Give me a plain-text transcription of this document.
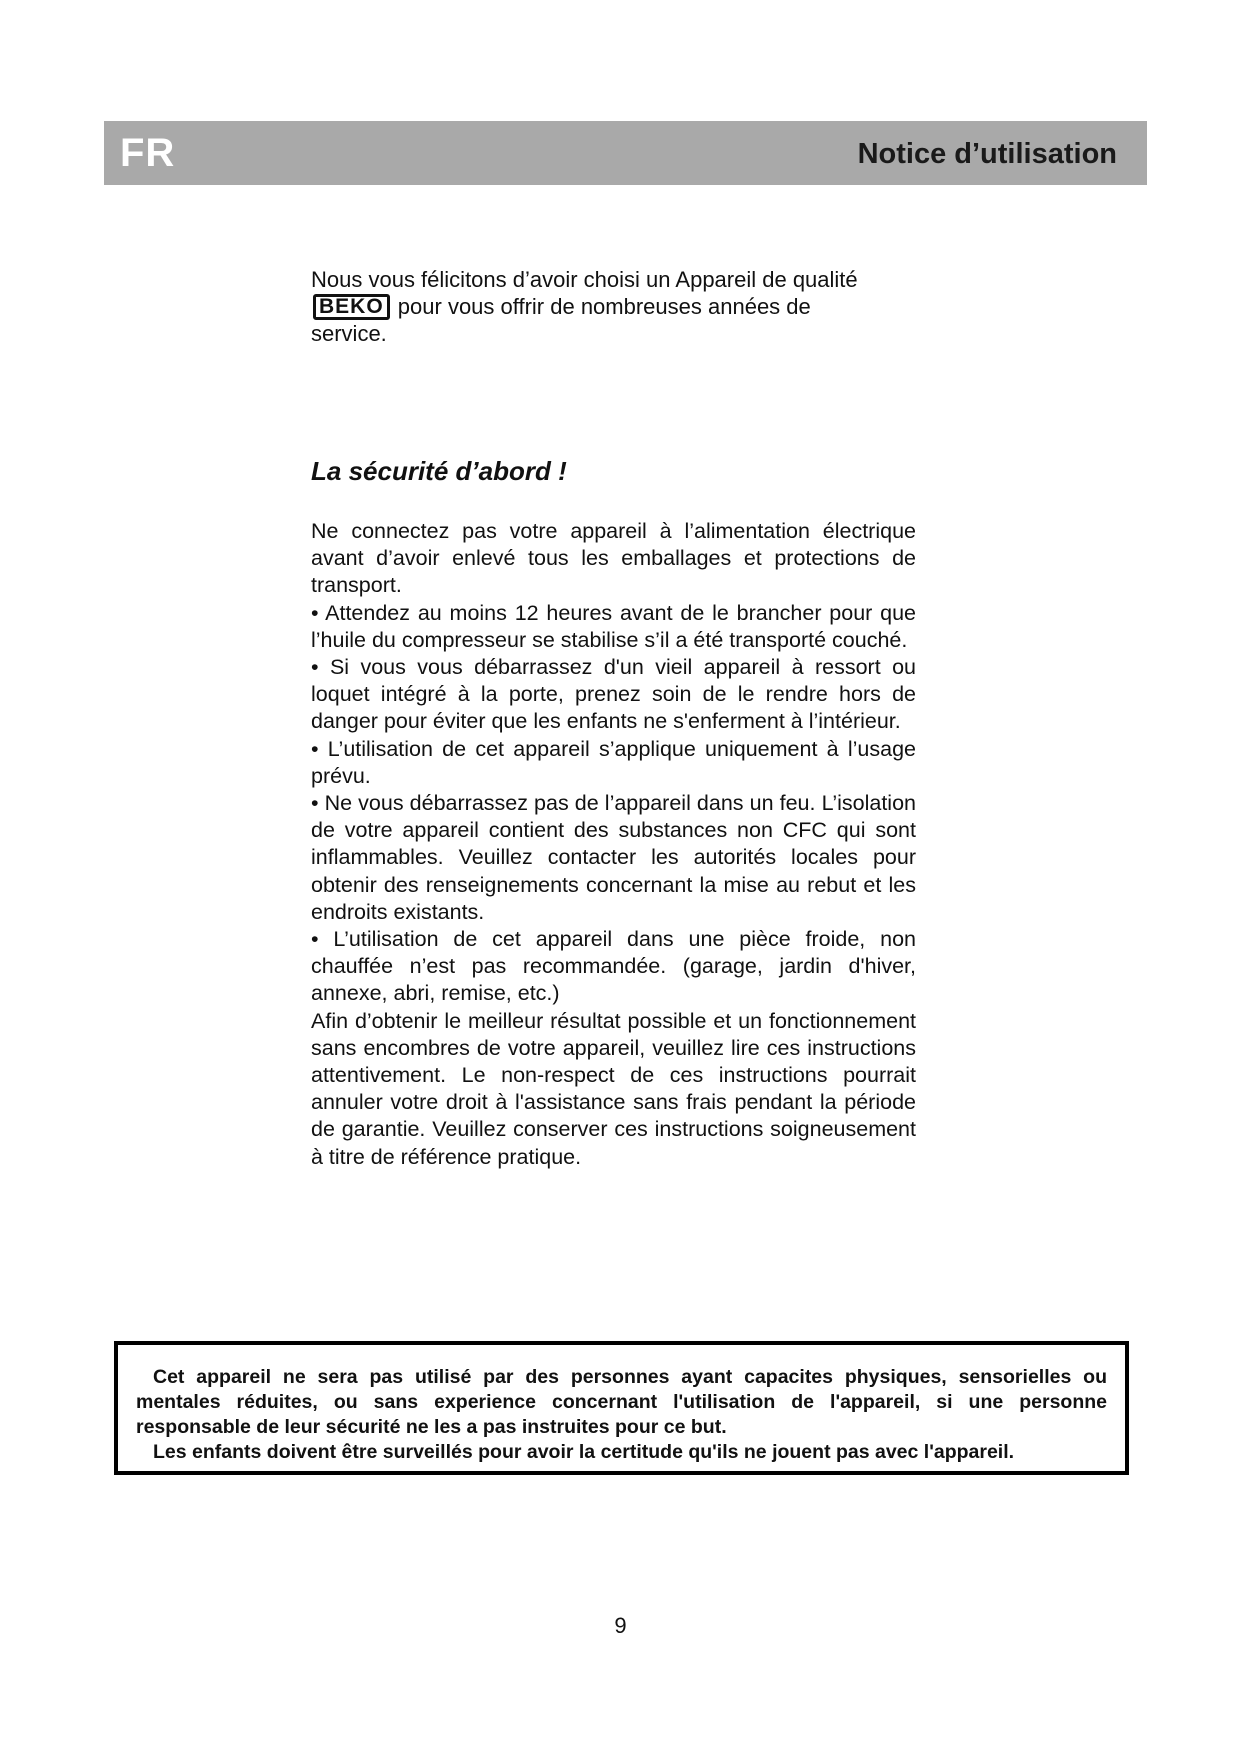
FR	Notice d’utilisation

Nous vous félicitons d’avoir choisi un Appareil de qualité BEKO pour vous offrir de nombreuses années de service.

La sécurité d’abord !

Ne connectez pas votre appareil à l’alimentation électrique avant d’avoir enlevé tous les emballages et protections de transport.

• Attendez au moins 12 heures avant de le brancher pour que l’huile du compresseur se stabilise s’il a été transporté couché.

• Si vous vous débarrassez d'un vieil appareil à ressort ou loquet intégré à la porte, prenez soin de le rendre hors de danger pour éviter que les enfants ne s'enferment à l’intérieur.

• L’utilisation de cet appareil s’applique uniquement à l’usage prévu.

• Ne vous débarrassez pas de l’appareil dans un feu. L’isolation de votre appareil contient des substances non CFC qui sont inflammables. Veuillez contacter les autorités locales pour obtenir des renseignements concernant la mise au rebut et les endroits existants.

• L’utilisation de cet appareil dans une pièce froide, non chauffée n’est pas recommandée. (garage, jardin d'hiver, annexe, abri, remise, etc.)

Afin d’obtenir le meilleur résultat possible et un fonctionnement sans encombres de votre appareil, veuillez lire ces instructions attentivement. Le non-respect de ces instructions pourrait annuler votre droit à l'assistance sans frais pendant la période de garantie. Veuillez conserver ces instructions soigneusement à titre de référence pratique.

Cet appareil ne sera pas utilisé par des personnes ayant capacites physiques, sensorielles ou mentales réduites, ou sans experience concernant l'utilisation de l'appareil, si une personne responsable de leur sécurité ne les a pas instruites pour ce but.

Les enfants doivent être surveillés pour avoir la certitude qu'ils ne jouent pas avec l'appareil.

9
